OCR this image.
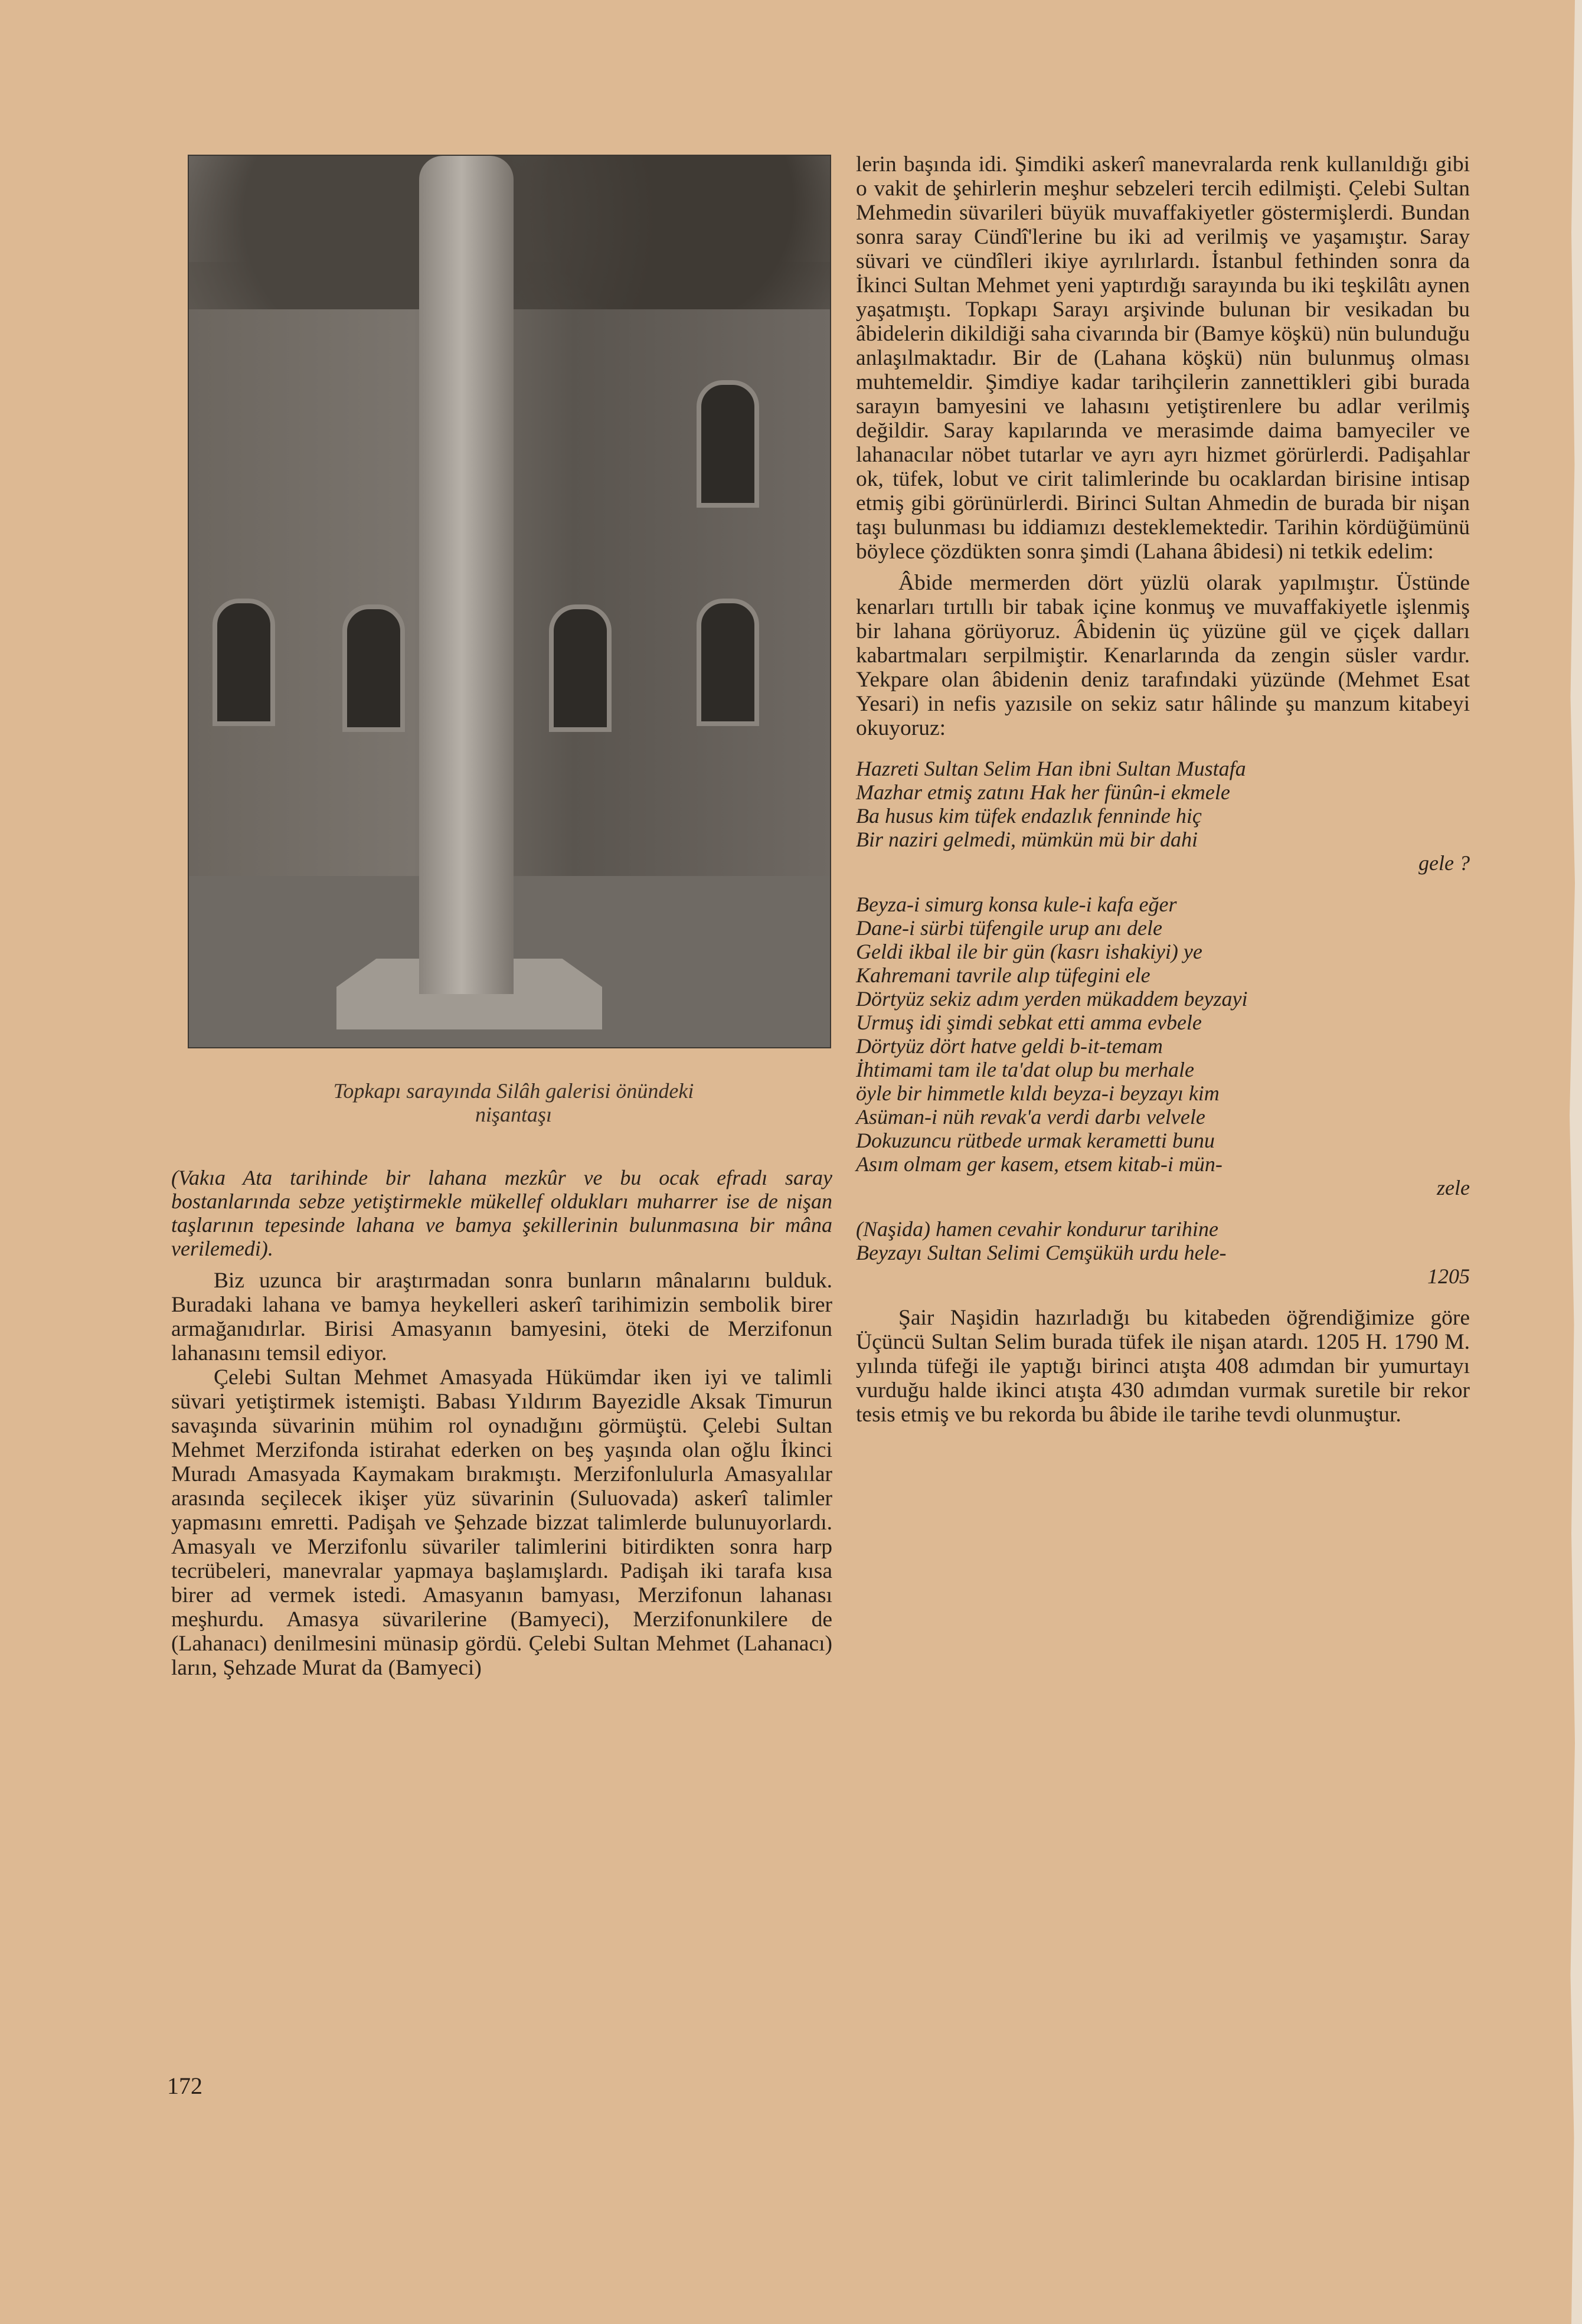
Topkapı sarayında Silâh galerisi önündeki
nişantaşı

(Vakıa Ata tarihinde bir lahana mezkûr ve bu ocak efradı saray bostanlarında sebze yetiştirmekle mükellef oldukları muharrer ise de nişan taşlarının tepesinde lahana ve bamya şekillerinin bulunmasına bir mâna verilemedi).

Biz uzunca bir araştırmadan sonra bunların mânalarını bulduk. Buradaki lahana ve bamya heykelleri askerî tarihimizin sembolik birer armağanıdırlar. Birisi Amasyanın bamyesini, öteki de Merzifonun lahanasını temsil ediyor.

Çelebi Sultan Mehmet Amasyada Hükümdar iken iyi ve talimli süvari yetiştirmek istemişti. Babası Yıldırım Bayezidle Aksak Timurun savaşında süvarinin mühim rol oynadığını görmüştü. Çelebi Sultan Mehmet Merzifonda istirahat ederken on beş yaşında olan oğlu İkinci Muradı Amasyada Kaymakam bırakmıştı. Merzifonlulurla Amasyalılar arasında seçilecek ikişer yüz süvarinin (Suluovada) askerî talimler yapmasını emretti. Padişah ve Şehzade bizzat talimlerde bulunuyorlardı. Amasyalı ve Merzifonlu süvariler talimlerini bitirdikten sonra harp tecrübeleri, manevralar yapmaya başlamışlardı. Padişah iki tarafa kısa birer ad vermek istedi. Amasyanın bamyası, Merzifonun lahanası meşhurdu. Amasya süvarilerine (Bamyeci), Merzifonunkilere de (Lahanacı) denilmesini münasip gördü. Çelebi Sultan Mehmet (Lahanacı) ların, Şehzade Murat da (Bamyeci)

lerin başında idi. Şimdiki askerî manevralarda renk kullanıldığı gibi o vakit de şehirlerin meşhur sebzeleri tercih edilmişti. Çelebi Sultan Mehmedin süvarileri büyük muvaffakiyetler göstermişlerdi. Bundan sonra saray Cündî'lerine bu iki ad verilmiş ve yaşamıştır. Saray süvari ve cündîleri ikiye ayrılırlardı. İstanbul fethinden sonra da İkinci Sultan Mehmet yeni yaptırdığı sarayında bu iki teşkilâtı aynen yaşatmıştı. Topkapı Sarayı arşivinde bulunan bir vesikadan bu âbidelerin dikildiği saha civarında bir (Bamye köşkü) nün bulunduğu anlaşılmaktadır. Bir de (Lahana köşkü) nün bulunmuş olması muhtemeldir. Şimdiye kadar tarihçilerin zannettikleri gibi burada sarayın bamyesini ve lahasını yetiştirenlere bu adlar verilmiş değildir. Saray kapılarında ve merasimde daima bamyeciler ve lahanacılar nöbet tutarlar ve ayrı ayrı hizmet görürlerdi. Padişahlar ok, tüfek, lobut ve cirit talimlerinde bu ocaklardan birisine intisap etmiş gibi görünürlerdi. Birinci Sultan Ahmedin de burada bir nişan taşı bulunması bu iddiamızı desteklemektedir. Tarihin kördüğümünü böylece çözdükten sonra şimdi (Lahana âbidesi) ni tetkik edelim:

Âbide mermerden dört yüzlü olarak yapılmıştır. Üstünde kenarları tırtıllı bir tabak içine konmuş ve muvaffakiyetle işlenmiş bir lahana görüyoruz. Âbidenin üç yüzüne gül ve çiçek dalları kabartmaları serpilmiştir. Kenarlarında da zengin süsler vardır. Yekpare olan âbidenin deniz tarafındaki yüzünde (Mehmet Esat Yesari) in nefis yazısile on sekiz satır hâlinde şu manzum kitabeyi okuyoruz:

Hazreti Sultan Selim Han ibni Sultan Mustafa
Mazhar etmiş zatını Hak her fünûn-i ekmele
Ba husus kim tüfek endazlık fenninde hiç
Bir naziri gelmedi, mümkün mü bir dahi
gele ?
Beyza-i simurg konsa kule-i kafa eğer
Dane-i sürbi tüfengile urup anı dele
Geldi ikbal ile bir gün (kasrı ishakiyi) ye
Kahremani tavrile alıp tüfegini ele
Dörtyüz sekiz adım yerden mükaddem beyzayi
Urmuş idi şimdi sebkat etti amma evbele
Dörtyüz dört hatve geldi b-it-temam
İhtimami tam ile ta'dat olup bu merhale
öyle bir himmetle kıldı beyza-i beyzayı kim
Asüman-i nüh revak'a verdi darbı velvele
Dokuzuncu rütbede urmak kerametti bunu
Asım olmam ger kasem, etsem kitab-i mün-
zele
(Naşida) hamen cevahir kondurur tarihine
Beyzayı Sultan Selimi Cemşüküh urdu hele-
1205

Şair Naşidin hazırladığı bu kitabeden öğrendiğimize göre Üçüncü Sultan Selim burada tüfek ile nişan atardı. 1205 H. 1790 M. yılında tüfeği ile yaptığı birinci atışta 408 adımdan bir yumurtayı vurduğu halde ikinci atışta 430 adımdan vurmak suretile bir rekor tesis etmiş ve bu rekorda bu âbide ile tarihe tevdi olunmuştur.

172
